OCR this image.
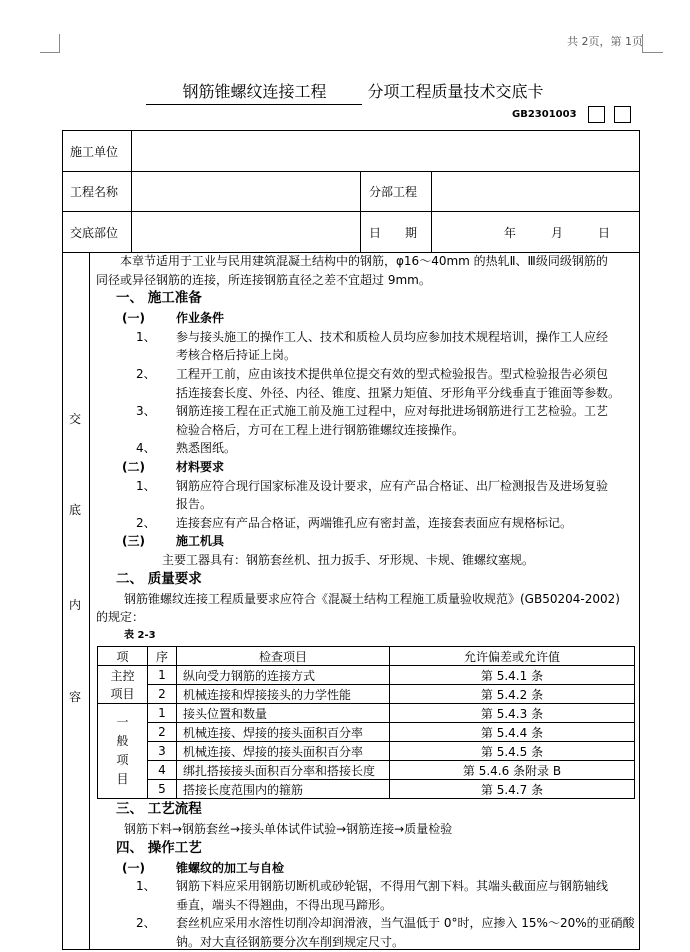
共 2页，第 1页
钢筋锥螺纹连接工程	分项工程质量技术交底卡
GB2301003
施工单位
工程名称	分部工程
交底部位	日　　期	年	月	日
交
底
内
容
本章节适用于工业与民用建筑混凝土结构中的钢筋，φ16～40mm 的热轧Ⅱ、Ⅲ级同级钢筋的
同径或异径钢筋的连接，所连接钢筋直径之差不宜超过 9mm。
一、 施工准备
(一)	作业条件
1、 参与接头施工的操作工人、技术和质检人员均应参加技术规程培训，操作工人应经
考核合格后持证上岗。
2、 工程开工前，应由该技术提供单位提交有效的型式检验报告。型式检验报告必须包
括连接套长度、外径、内径、锥度、扭紧力矩值、牙形角平分线垂直于锥面等参数。
3、 钢筋连接工程在正式施工前及施工过程中，应对每批进场钢筋进行工艺检验。工艺
检验合格后，方可在工程上进行钢筋锥螺纹连接操作。
4、 熟悉图纸。
(二)	材料要求
1、 钢筋应符合现行国家标准及设计要求，应有产品合格证、出厂检测报告及进场复验
报告。
2、 连接套应有产品合格证，两端锥孔应有密封盖，连接套表面应有规格标记。
(三)	施工机具
主要工器具有：钢筋套丝机、扭力扳手、牙形规、卡规、锥螺纹塞规。
二、 质量要求
钢筋锥螺纹连接工程质量要求应符合《混凝土结构工程施工质量验收规范》(GB50204-2002)
的规定：
表 2-3
项	序	检查项目	允许偏差或允许值
主控项目	1	纵向受力钢筋的连接方式	第 5.4.1 条
	2	机械连接和焊接接头的力学性能	第 5.4.2 条
一般项目	1	接头位置和数量	第 5.4.3 条
	2	机械连接、焊接的接头面积百分率	第 5.4.4 条
	3	机械连接、焊接的接头面积百分率	第 5.4.5 条
	4	绑扎搭接接头面积百分率和搭接长度	第 5.4.6 条附录 B
	5	搭接长度范围内的箍筋	第 5.4.7 条
三、 工艺流程
钢筋下料→钢筋套丝→接头单体试件试验→钢筋连接→质量检验
四、 操作工艺
(一)	锥螺纹的加工与自检
1、 钢筋下料应采用钢筋切断机或砂轮锯，不得用气割下料。其端头截面应与钢筋轴线
垂直，端头不得翘曲，不得出现马蹄形。
2、 套丝机应采用水溶性切削冷却润滑液，当气温低于 0°时，应掺入 15%～20%的亚硝酸
钠。对大直径钢筋要分次车削到规定尺寸。
